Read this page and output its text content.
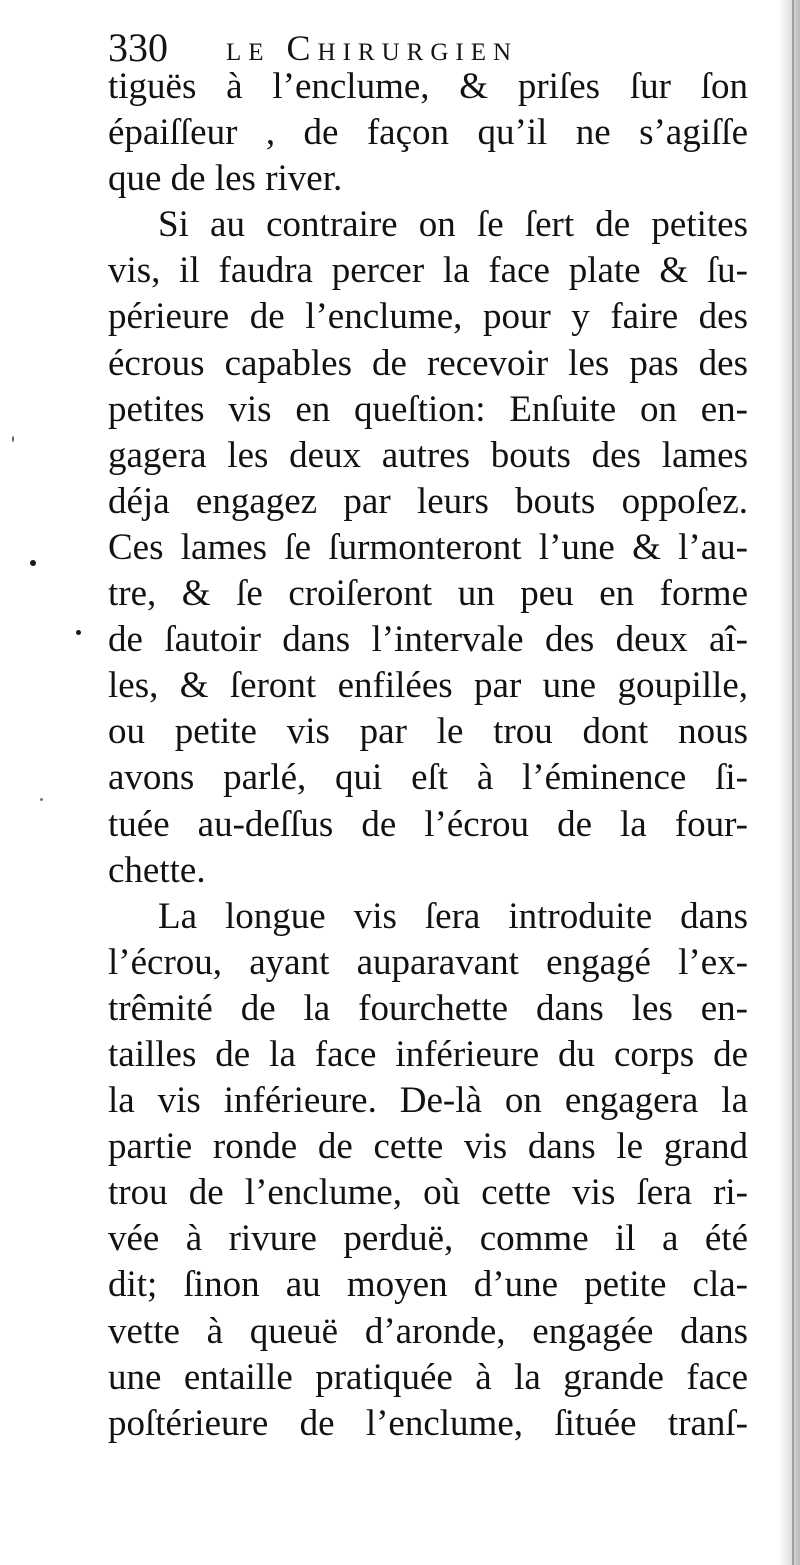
330 le Chirurgien
tiguës à l’enclume, & priſes ſur ſon
épaiſſeur , de façon qu’il ne s’agiſſe
que de les river.
Si au contraire on ſe ſert de petites
vis, il faudra percer la face plate & ſu-
périeure de l’enclume, pour y faire des
écrous capables de recevoir les pas des
petites vis en queſtion: Enſuite on en-
gagera les deux autres bouts des lames
déja engagez par leurs bouts oppoſez.
Ces lames ſe ſurmonteront l’une & l’au-
tre, & ſe croiſeront un peu en forme
de ſautoir dans l’intervale des deux aî-
les, & ſeront enfilées par une goupille,
ou petite vis par le trou dont nous
avons parlé, qui eſt à l’éminence ſi-
tuée au-deſſus de l’écrou de la four-
chette.
La longue vis ſera introduite dans
l’écrou, ayant auparavant engagé l’ex-
trêmité de la fourchette dans les en-
tailles de la face inférieure du corps de
la vis inférieure. De-là on engagera la
partie ronde de cette vis dans le grand
trou de l’enclume, où cette vis ſera ri-
vée à rivure perduë, comme il a été
dit; ſinon au moyen d’une petite cla-
vette à queuë d’aronde, engagée dans
une entaille pratiquée à la grande face
poſtérieure de l’enclume, ſituée tranſ-
